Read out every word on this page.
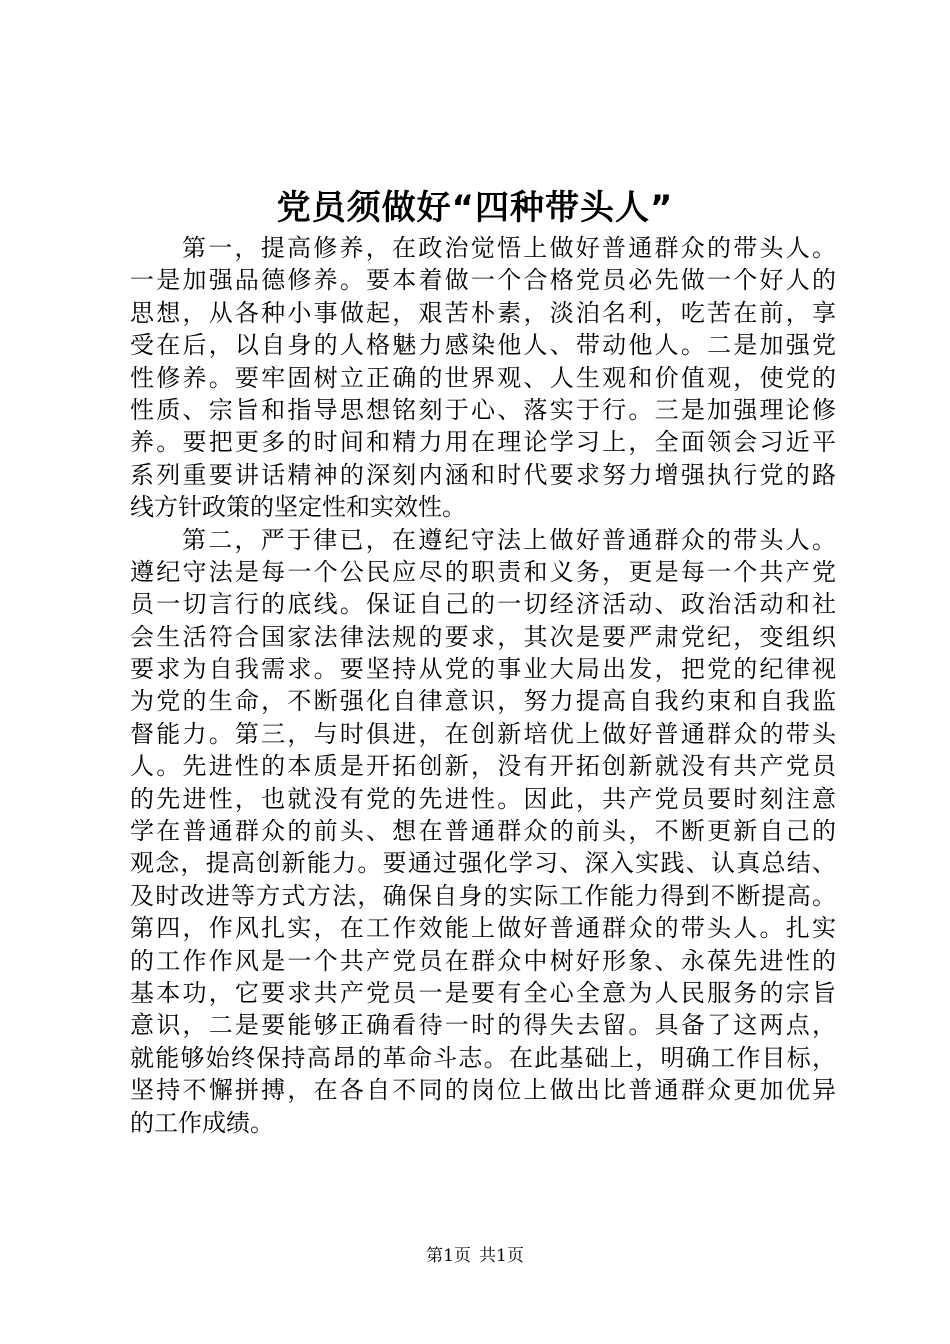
党员须做好“四种带头人”
第一，提高修养，在政治觉悟上做好普通群众的带头人。
一是加强品德修养。要本着做一个合格党员必先做一个好人的
思想，从各种小事做起，艰苦朴素，淡泊名利，吃苦在前，享
受在后，以自身的人格魅力感染他人、带动他人。二是加强党
性修养。要牢固树立正确的世界观、人生观和价值观，使党的
性质、宗旨和指导思想铭刻于心、落实于行。三是加强理论修
养。要把更多的时间和精力用在理论学习上，全面领会习近平
系列重要讲话精神的深刻内涵和时代要求努力增强执行党的路
线方针政策的坚定性和实效性。
第二，严于律已，在遵纪守法上做好普通群众的带头人。
遵纪守法是每一个公民应尽的职责和义务，更是每一个共产党
员一切言行的底线。保证自己的一切经济活动、政治活动和社
会生活符合国家法律法规的要求，其次是要严肃党纪，变组织
要求为自我需求。要坚持从党的事业大局出发，把党的纪律视
为党的生命，不断强化自律意识，努力提高自我约束和自我监
督能力。第三，与时俱进，在创新培优上做好普通群众的带头
人。先进性的本质是开拓创新，没有开拓创新就没有共产党员
的先进性，也就没有党的先进性。因此，共产党员要时刻注意
学在普通群众的前头、想在普通群众的前头，不断更新自己的
观念，提高创新能力。要通过强化学习、深入实践、认真总结、
及时改进等方式方法，确保自身的实际工作能力得到不断提高。
第四，作风扎实，在工作效能上做好普通群众的带头人。扎实
的工作作风是一个共产党员在群众中树好形象、永葆先进性的
基本功，它要求共产党员一是要有全心全意为人民服务的宗旨
意识，二是要能够正确看待一时的得失去留。具备了这两点，
就能够始终保持高昂的革命斗志。在此基础上，明确工作目标，
坚持不懈拼搏，在各自不同的岗位上做出比普通群众更加优异
的工作成绩。
第1页 共1页
